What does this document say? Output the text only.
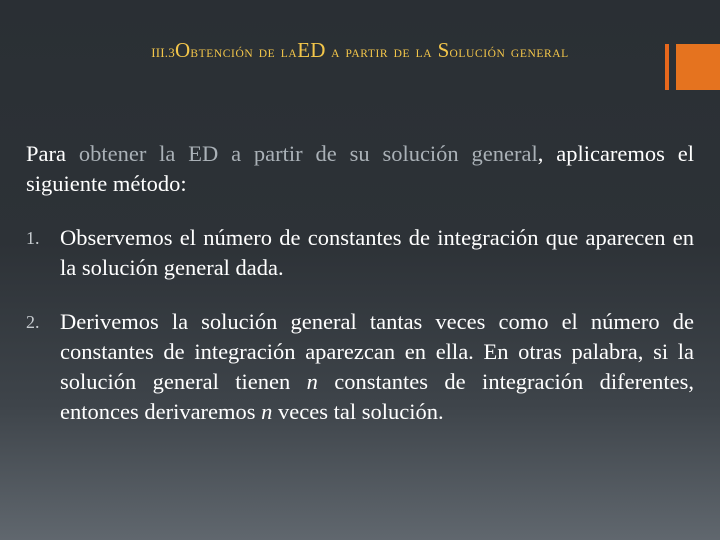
III.3OBTENCIÓN DE LAED A PARTIR DE LA SOLUCIÓN GENERAL

Para obtener la ED a partir de su solución general, aplicaremos el siguiente método:

1. Observemos el número de constantes de integración que aparecen en la solución general dada.
2. Derivemos la solución general tantas veces como el número de constantes de integración aparezcan en ella. En otras palabra, si la solución general tienen n constantes de integración diferentes, entonces derivaremos n veces tal solución.
